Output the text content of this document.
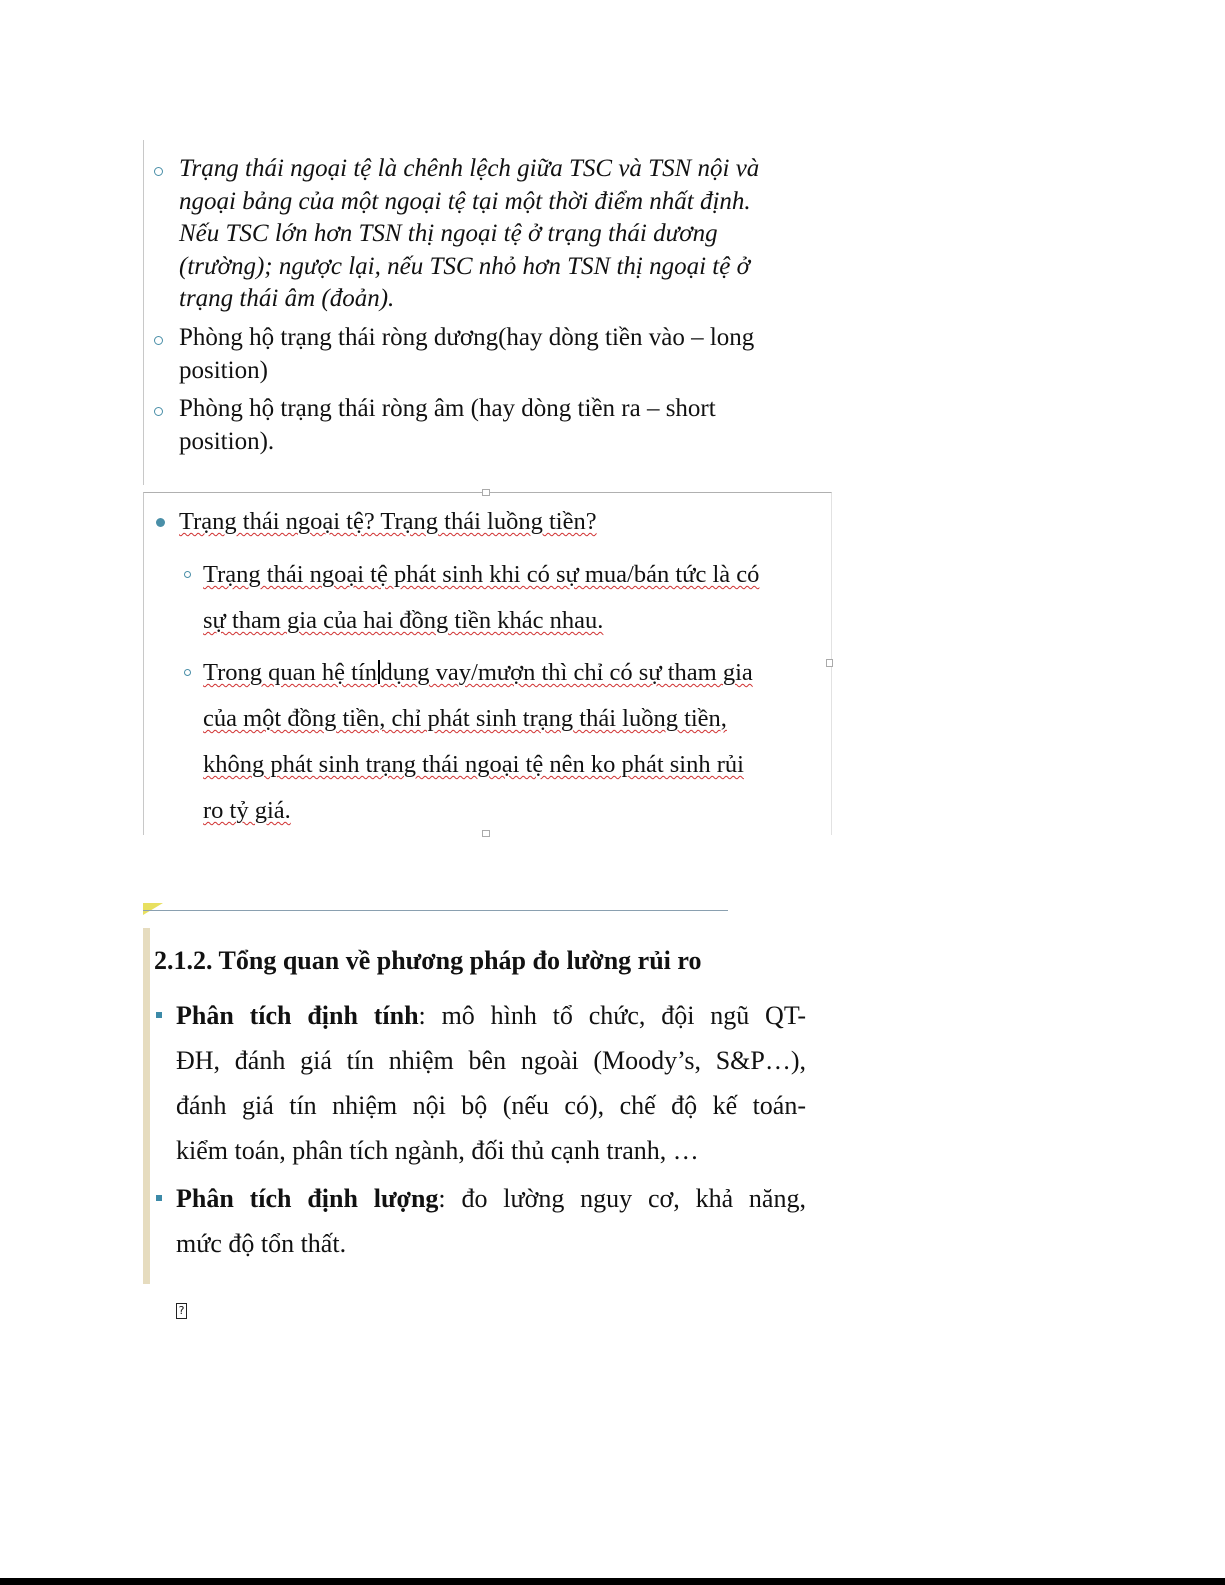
Trạng thái ngoại tệ là chênh lệch giữa TSC và TSN nội và
ngoại bảng của một ngoại tệ tại một thời điểm nhất định.
Nếu TSC lớn hơn TSN thị ngoại tệ ở trạng thái dương
(trường); ngược lại, nếu TSC nhỏ hơn TSN thị ngoại tệ ở
trạng thái âm (đoản).
Phòng hộ trạng thái ròng dương(hay dòng tiền vào – long
position)
Phòng hộ trạng thái ròng âm (hay dòng tiền ra – short
position).
Trạng thái ngoại tệ? Trạng thái luồng tiền?
Trạng thái ngoại tệ phát sinh khi có sự mua/bán tức là có
sự tham gia của hai đồng tiền khác nhau.
Trong quan hệ tín dụng vay/mượn thì chỉ có sự tham gia
của một đồng tiền, chỉ phát sinh trạng thái luồng tiền,
không phát sinh trạng thái ngoại tệ nên ko phát sinh rủi
ro tỷ giá.
2.1.2. Tổng quan về phương pháp đo lường rủi ro
Phân tích định tính: mô hình tổ chức, đội ngũ QT-
ĐH, đánh giá tín nhiệm bên ngoài (Moody’s, S&P…),
đánh giá tín nhiệm nội bộ (nếu có), chế độ kế toán-
kiểm toán, phân tích ngành, đối thủ cạnh tranh, …
Phân tích định lượng: đo lường nguy cơ, khả năng,
mức độ tổn thất.
?
